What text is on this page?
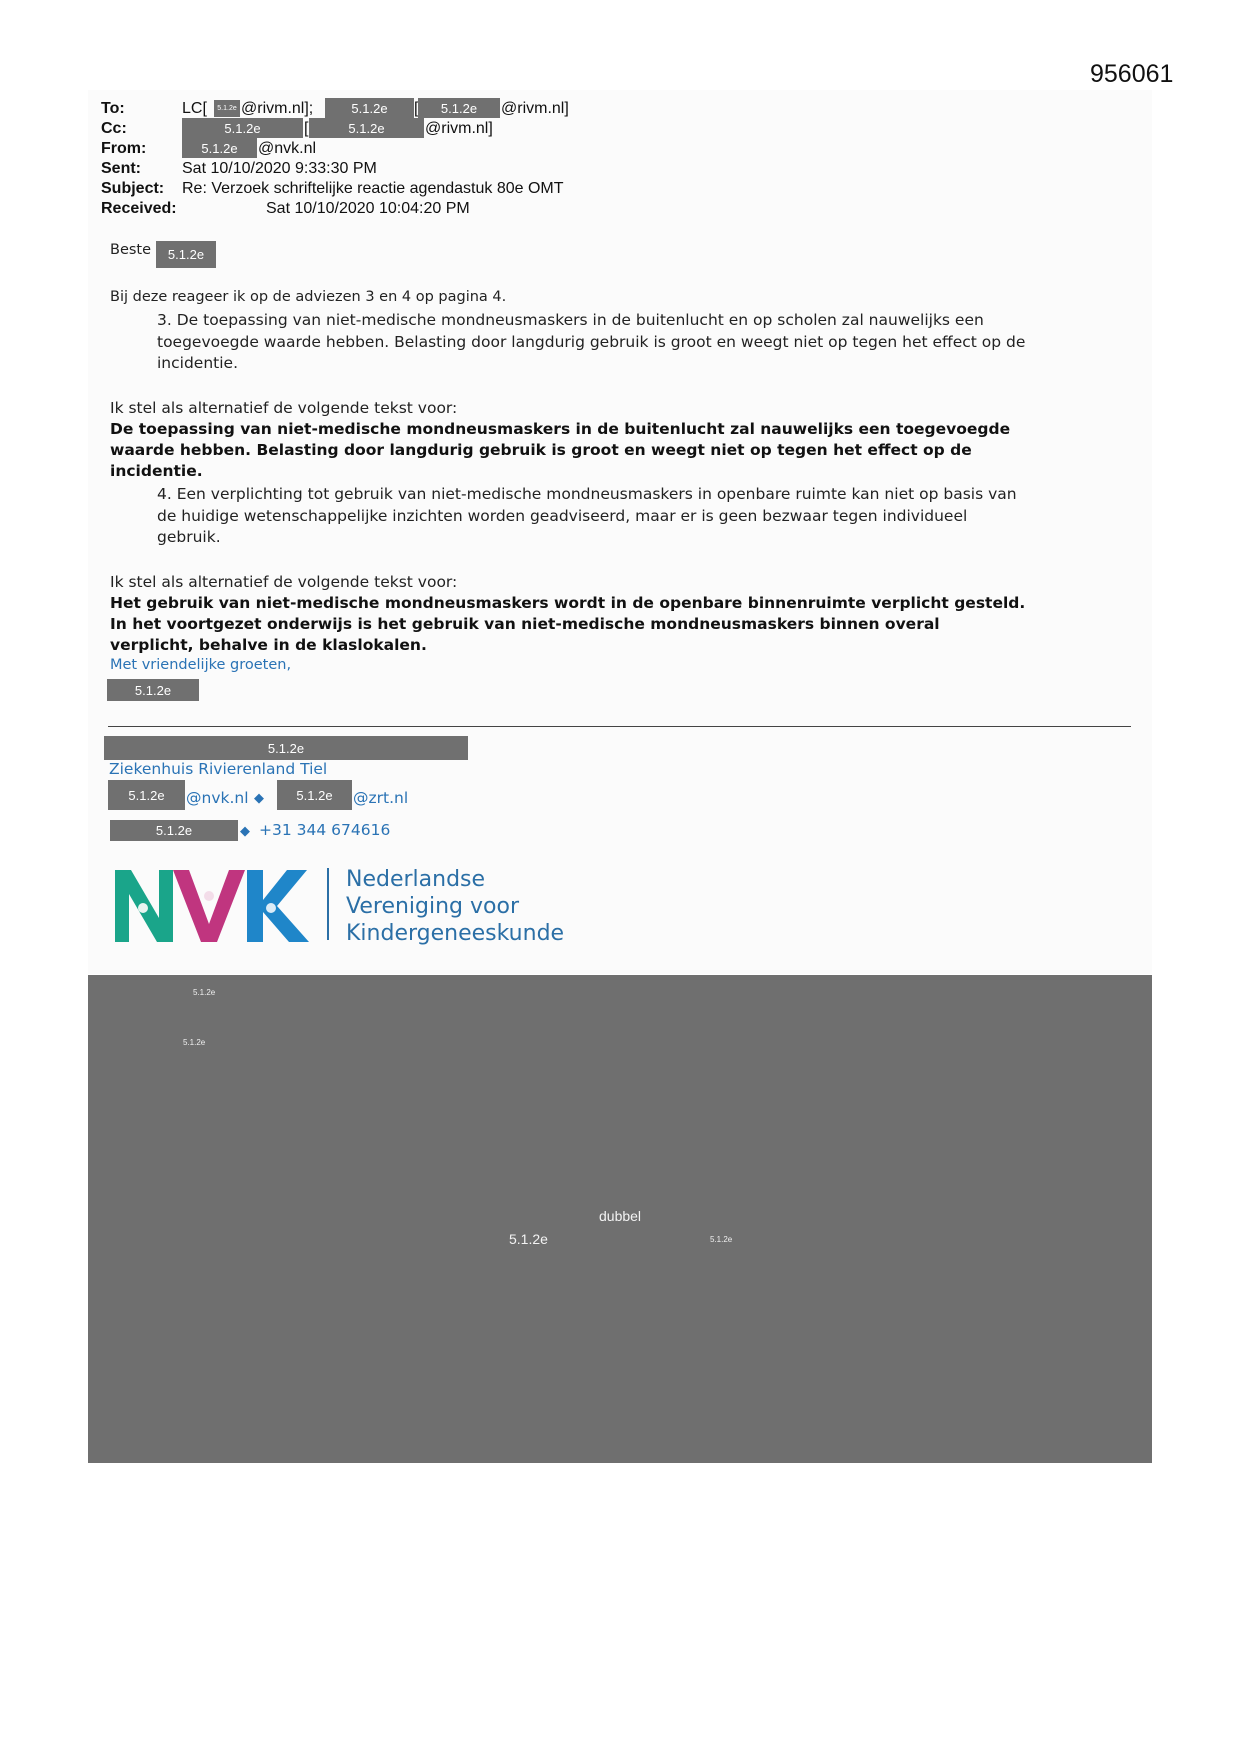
956061
To:	LC[	5.1.2e @rivm.nl];	5.1.2e	[	5.1.2e	@rivm.nl]
Cc:	5.1.2e	[	5.1.2e	@rivm.nl]
From:	5.1.2e	@nvk.nl
Sent:	Sat 10/10/2020 9:33:30 PM
Subject: Re: Verzoek schriftelijke reactie agendastuk 80e OMT
Received:	Sat 10/10/2020 10:04:20 PM
Beste	5.1.2e
Bij deze reageer ik op de adviezen 3 en 4 op pagina 4.
3. De toepassing van niet-medische mondneusmaskers in de buitenlucht en op scholen zal nauwelijks een
toegevoegde waarde hebben. Belasting door langdurig gebruik is groot en weegt niet op tegen het effect op de
incidentie.
Ik stel als alternatief de volgende tekst voor:
De toepassing van niet-medische mondneusmaskers in de buitenlucht zal nauwelijks een toegevoegde
waarde hebben. Belasting door langdurig gebruik is groot en weegt niet op tegen het effect op de
incidentie.
4. Een verplichting tot gebruik van niet-medische mondneusmaskers in openbare ruimte kan niet op basis van
de huidige wetenschappelijke inzichten worden geadviseerd, maar er is geen bezwaar tegen individueel
gebruik.
Ik stel als alternatief de volgende tekst voor:
Het gebruik van niet-medische mondneusmaskers wordt in de openbare binnenruimte verplicht gesteld.
In het voortgezet onderwijs is het gebruik van niet-medische mondneusmaskers binnen overal
verplicht, behalve in de klaslokalen.
Met vriendelijke groeten,
5.1.2e
5.1.2e
Ziekenhuis Rivierenland Tiel
5.1.2e	@nvk.nl ◆	5.1.2e	@zrt.nl
5.1.2e	◆ +31 344 674616
Nederlandse
Vereniging voor
Kindergeneeskunde
5.1.2e
5.1.2e
dubbel
5.1.2e	5.1.2e
